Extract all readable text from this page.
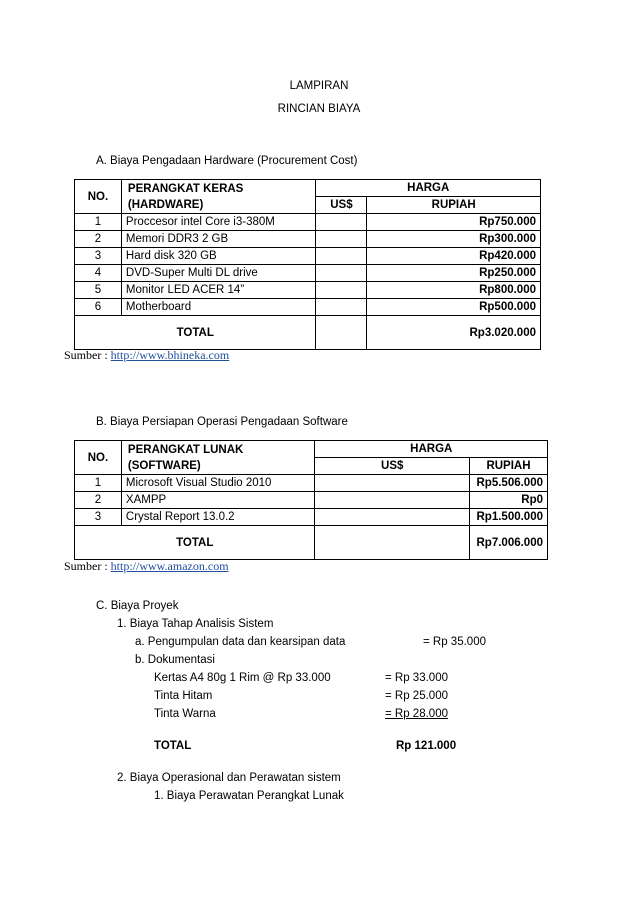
LAMPIRAN
RINCIAN BIAYA
A. Biaya Pengadaan Hardware (Procurement Cost)
NO.	PERANGKAT KERAS (HARDWARE)	HARGA	
		US$	RUPIAH
1	Proccesor intel Core i3-380M		Rp750.000
2	Memori DDR3 2 GB		Rp300.000
3	Hard disk 320 GB		Rp420.000
4	DVD-Super Multi DL drive		Rp250.000
5	Monitor LED ACER 14”		Rp800.000
6	Motherboard		Rp500.000
TOTAL			Rp3.020.000
Sumber : http://www.bhineka.com
B. Biaya Persiapan Operasi Pengadaan Software
NO.	PERANGKAT LUNAK (SOFTWARE)	HARGA	
		US$	RUPIAH
1	Microsoft Visual Studio 2010		Rp5.506.000
2	XAMPP		Rp0
3	Crystal Report 13.0.2		Rp1.500.000
TOTAL			Rp7.006.000
Sumber : http://www.amazon.com
C. Biaya Proyek
1. Biaya Tahap Analisis Sistem
a. Pengumpulan data dan kearsipan data	= Rp 35.000
b. Dokumentasi
Kertas A4 80g 1 Rim @ Rp 33.000	= Rp 33.000
Tinta Hitam	= Rp 25.000
Tinta Warna	= Rp 28.000
TOTAL	Rp 121.000
2. Biaya Operasional dan Perawatan sistem
1. Biaya Perawatan Perangkat Lunak
